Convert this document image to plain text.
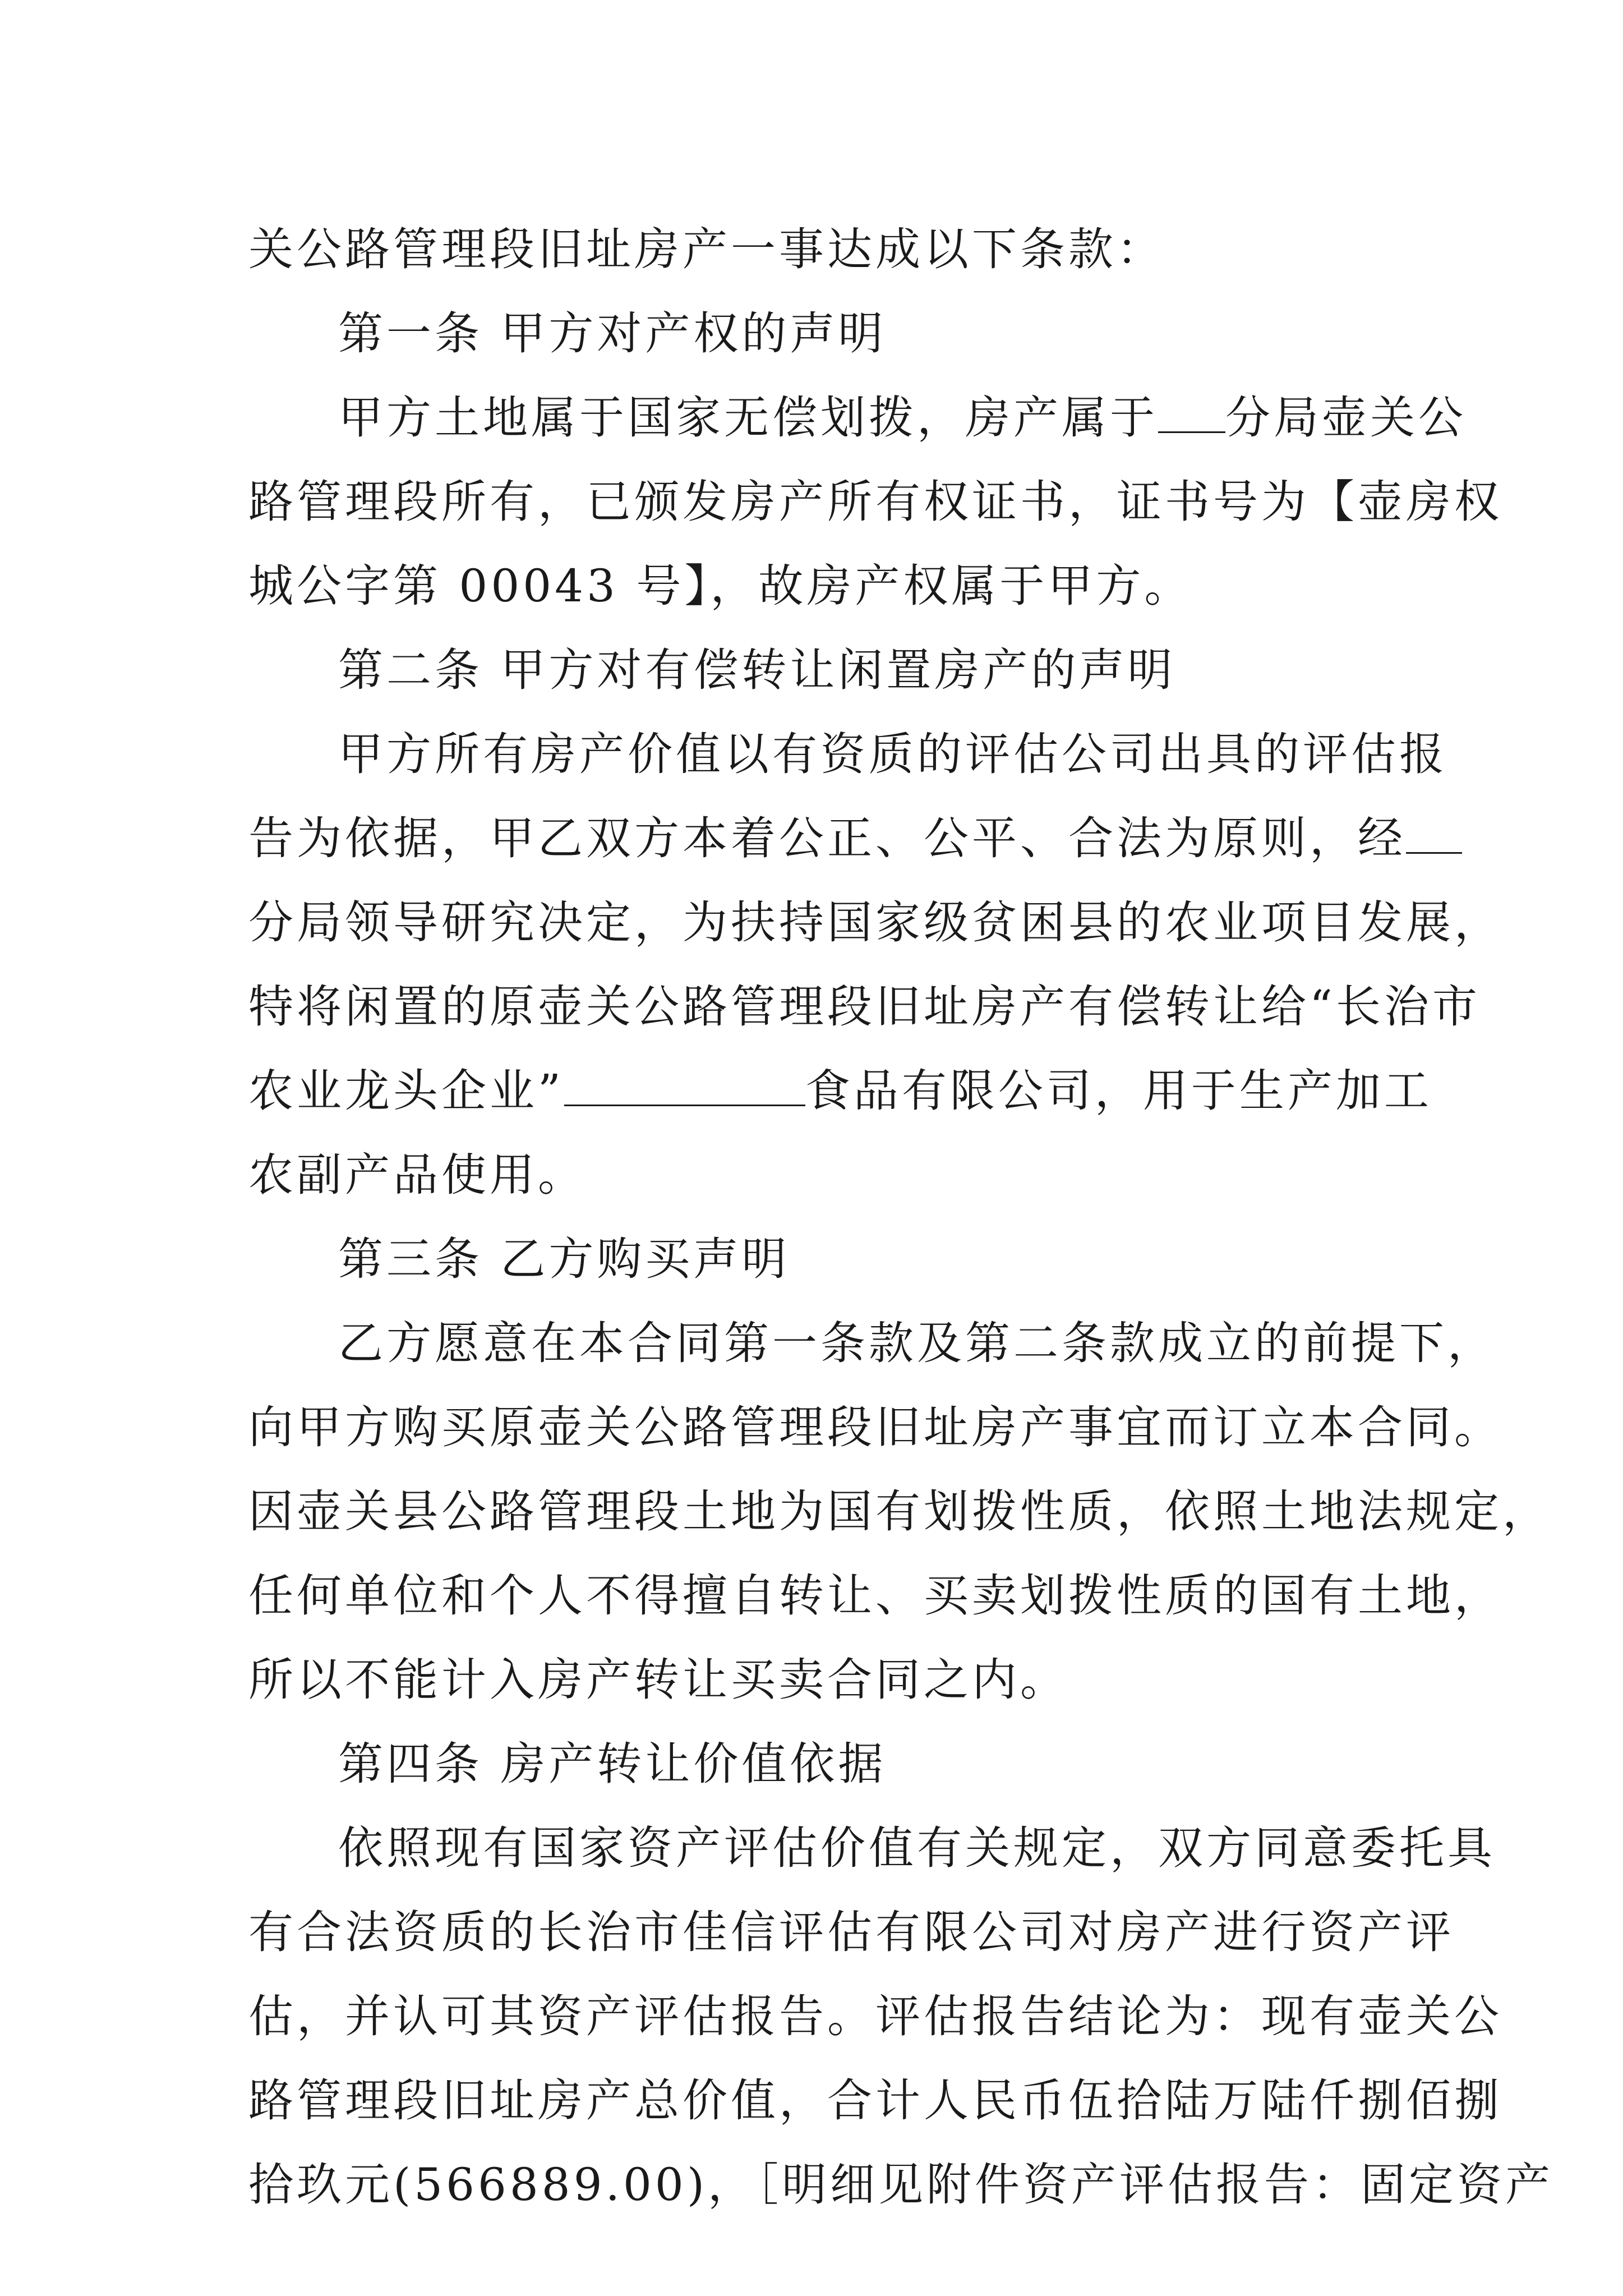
关公路管理段旧址房产一事达成以下条款：
第一条 甲方对产权的声明
甲方土地属于国家无偿划拨，房产属于 分局壶关公
路管理段所有，已颁发房产所有权证书，证书号为【壶房权
城公字第 00043 号】，故房产权属于甲方。
第二条 甲方对有偿转让闲置房产的声明
甲方所有房产价值以有资质的评估公司出具的评估报
告为依据，甲乙双方本着公正、公平、合法为原则，经
分局领导研究决定，为扶持国家级贫困县的农业项目发展，
特将闲置的原壶关公路管理段旧址房产有偿转让给“长治市
农业龙头企业”	食品有限公司，用于生产加工
农副产品使用。
第三条 乙方购买声明
乙方愿意在本合同第一条款及第二条款成立的前提下，
向甲方购买原壶关公路管理段旧址房产事宜而订立本合同。
因壶关县公路管理段土地为国有划拨性质，依照土地法规定，
任何单位和个人不得擅自转让、买卖划拨性质的国有土地，
所以不能计入房产转让买卖合同之内。
第四条 房产转让价值依据
依照现有国家资产评估价值有关规定，双方同意委托具
有合法资质的长治市佳信评估有限公司对房产进行资产评
估，并认可其资产评估报告。评估报告结论为：现有壶关公
路管理段旧址房产总价值，合计人民币伍拾陆万陆仟捌佰捌
拾玖元(566889.00)，［明细见附件资产评估报告：固定资产
